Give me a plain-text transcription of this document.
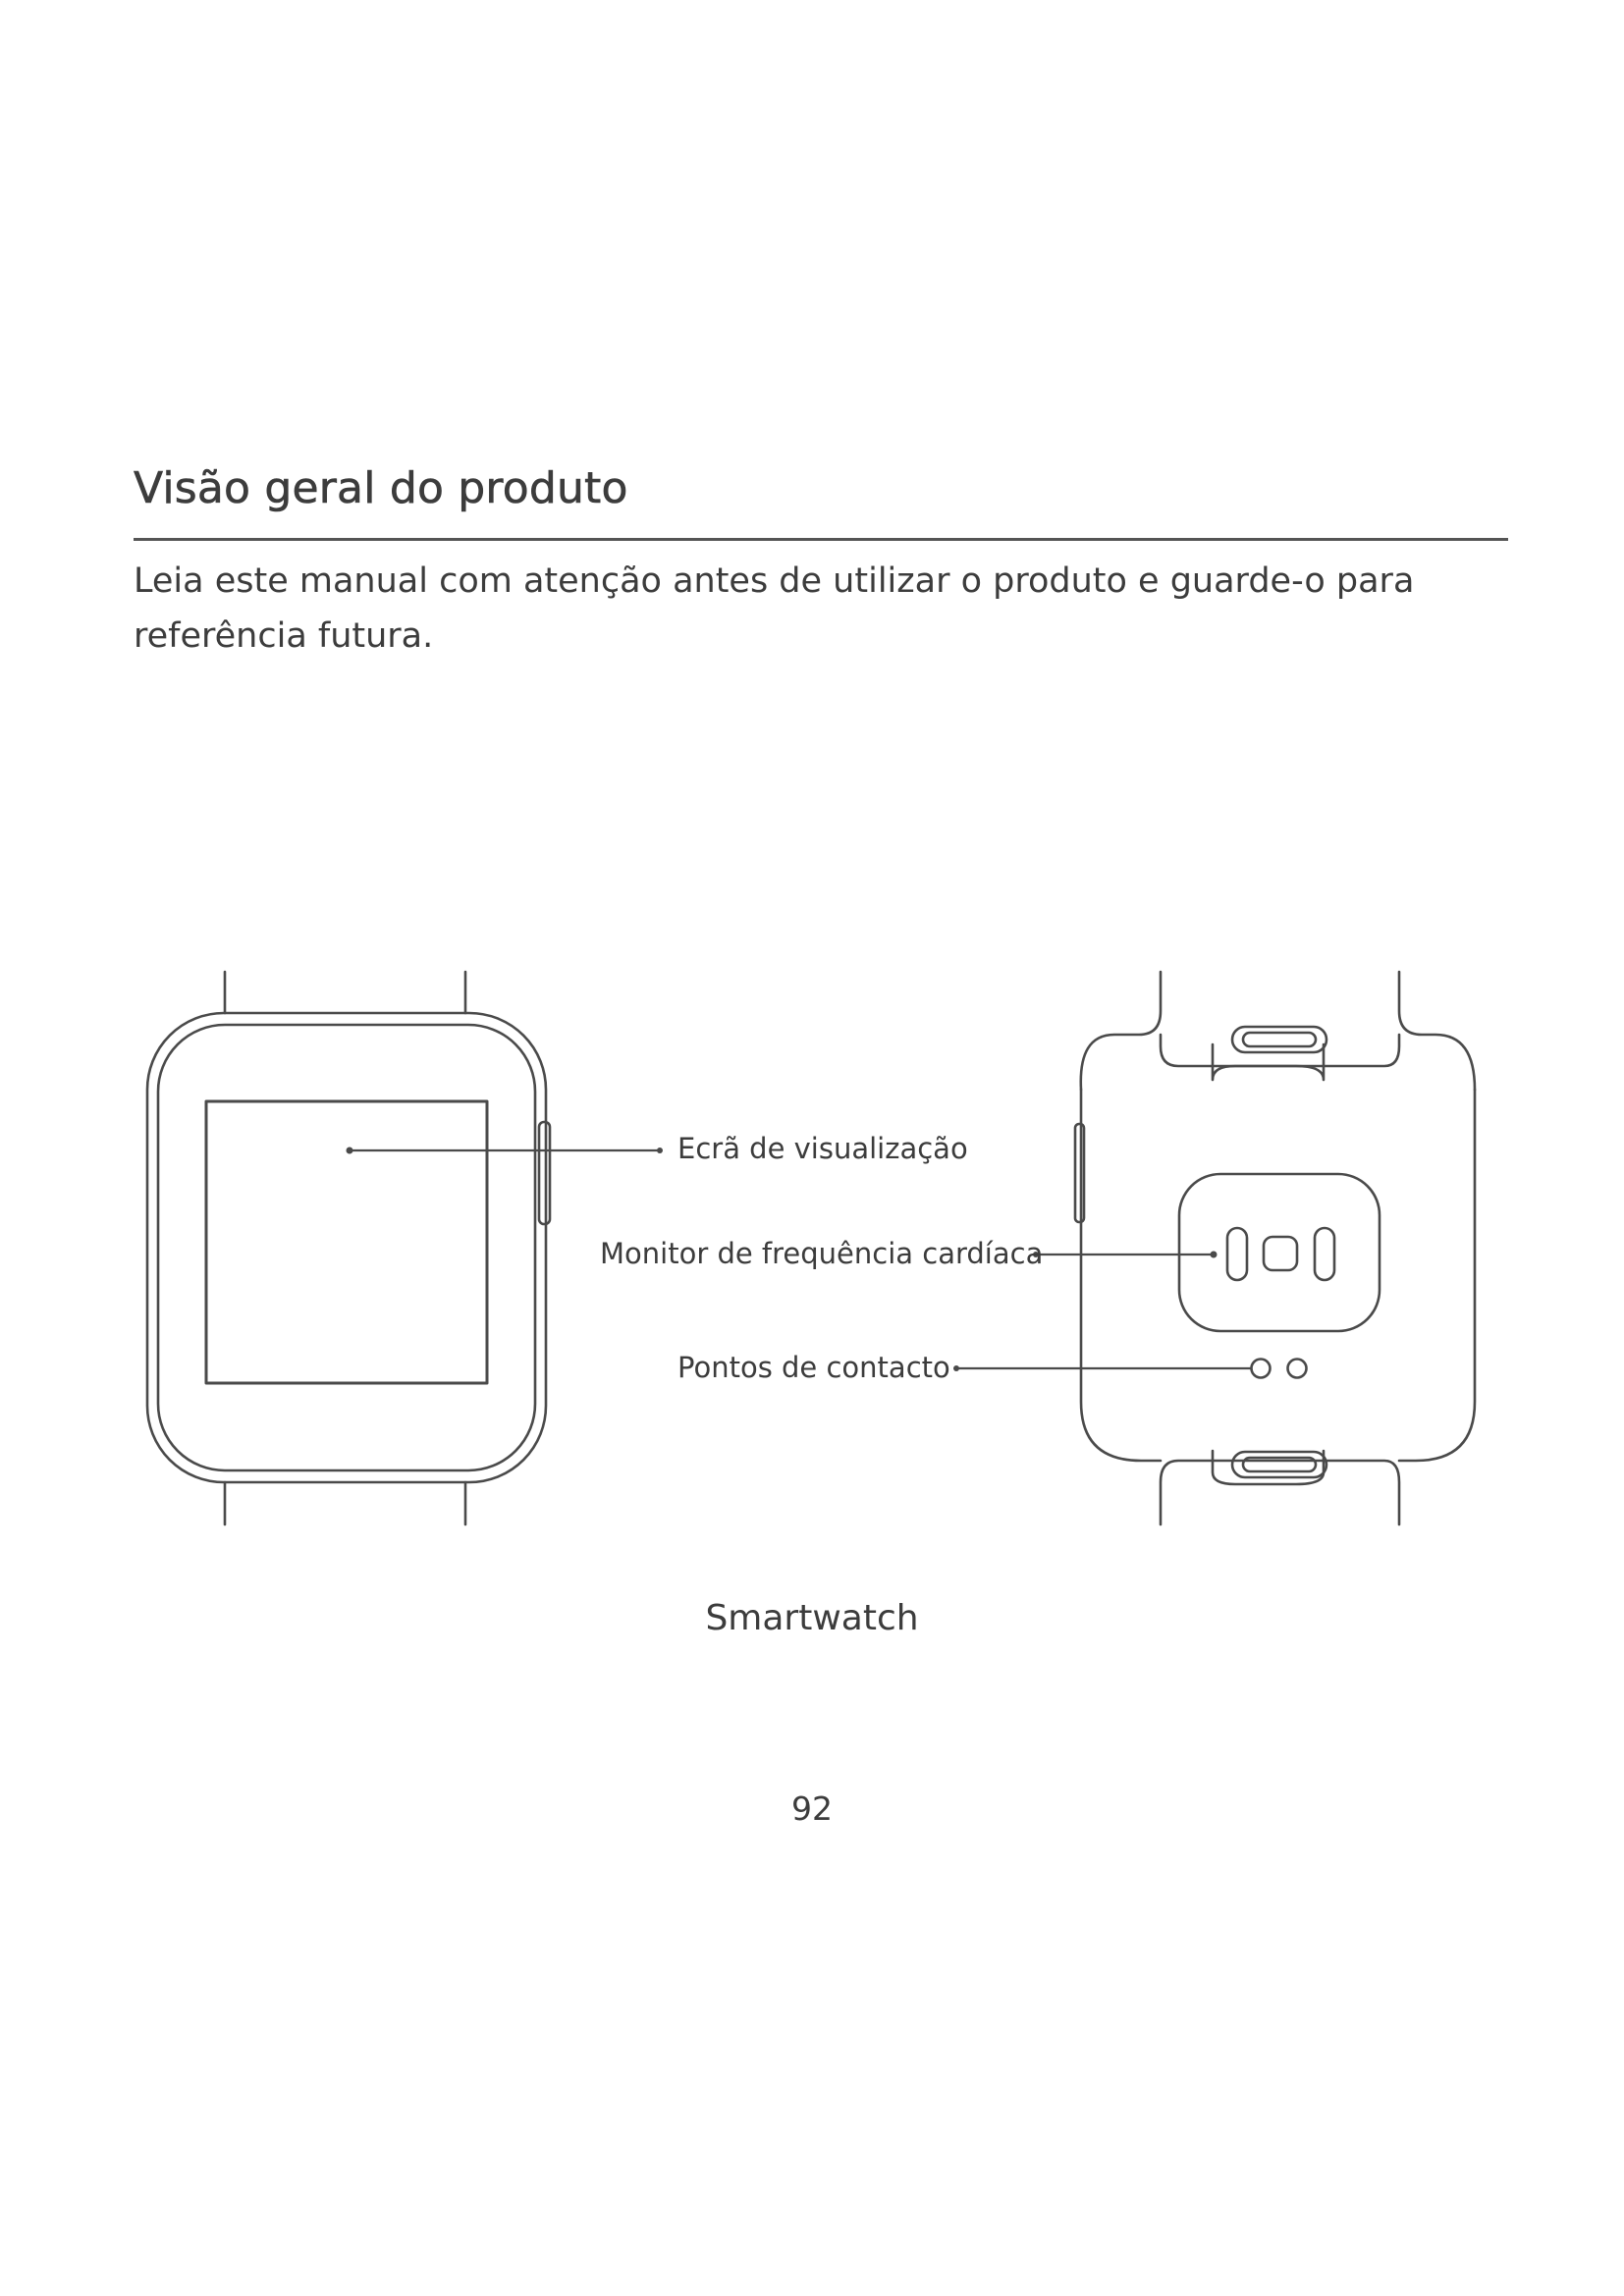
Visão geral do produto

Leia este manual com atenção antes de utilizar o produto e guarde-o para referência futura.

Ecrã de visualização
Monitor de frequência cardíaca
Pontos de contacto
Smartwatch
92
